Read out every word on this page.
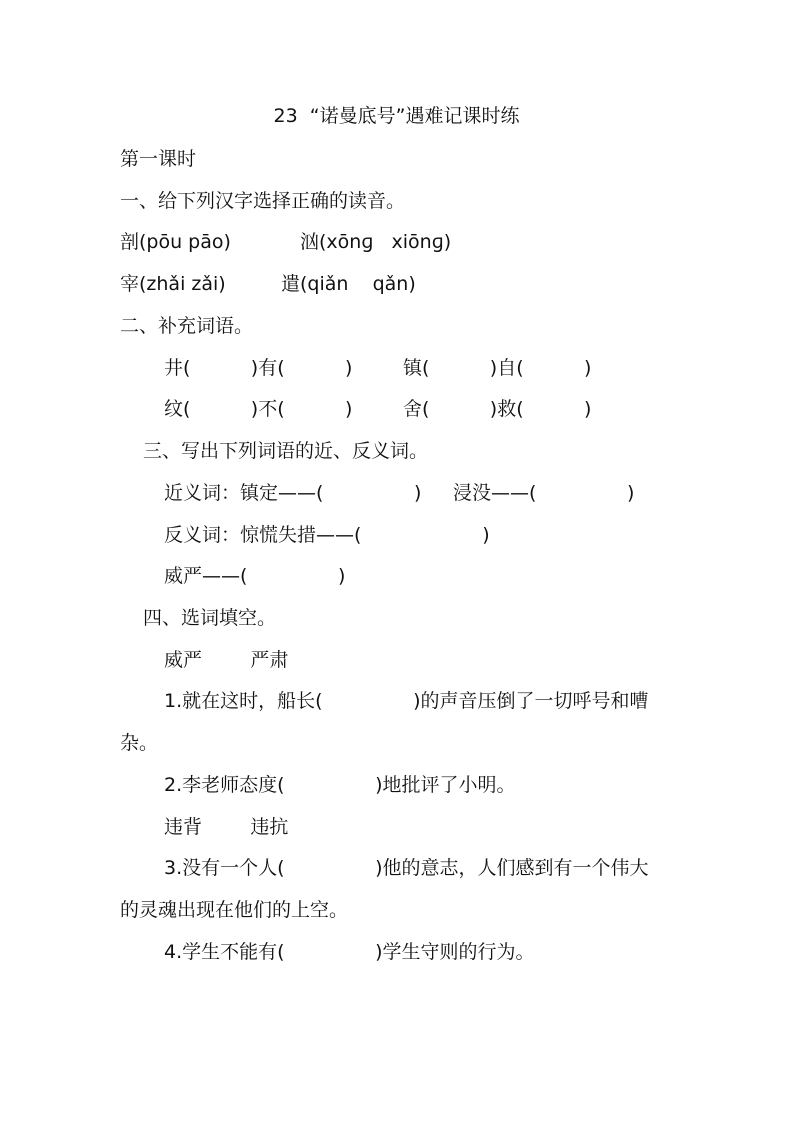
23  “诺曼底号”遇难记课时练
第一课时
一、给下列汉字选择正确的读音。
剖(pōu pāo)	汹(xōnɡ   xiōnɡ)
宰(zhǎi zǎi)	遣(qiǎn    qǎn)
二、补充词语。
井(          )有(          )	镇(          )自(          )
纹(          )不(          )	舍(          )救(          )
三、写出下列词语的近、反义词。
近义词：镇定——(               ) 浸没——(               )
反义词：惊慌失措——(                    )
威严——(               )
四、选词填空。
威严        严肃
1.就在这时，船长(               )的声音压倒了一切呼号和嘈
杂。
2.李老师态度(               )地批评了小明。
违背        违抗
3.没有一个人(               )他的意志，人们感到有一个伟大
的灵魂出现在他们的上空。
4.学生不能有(               )学生守则的行为。
